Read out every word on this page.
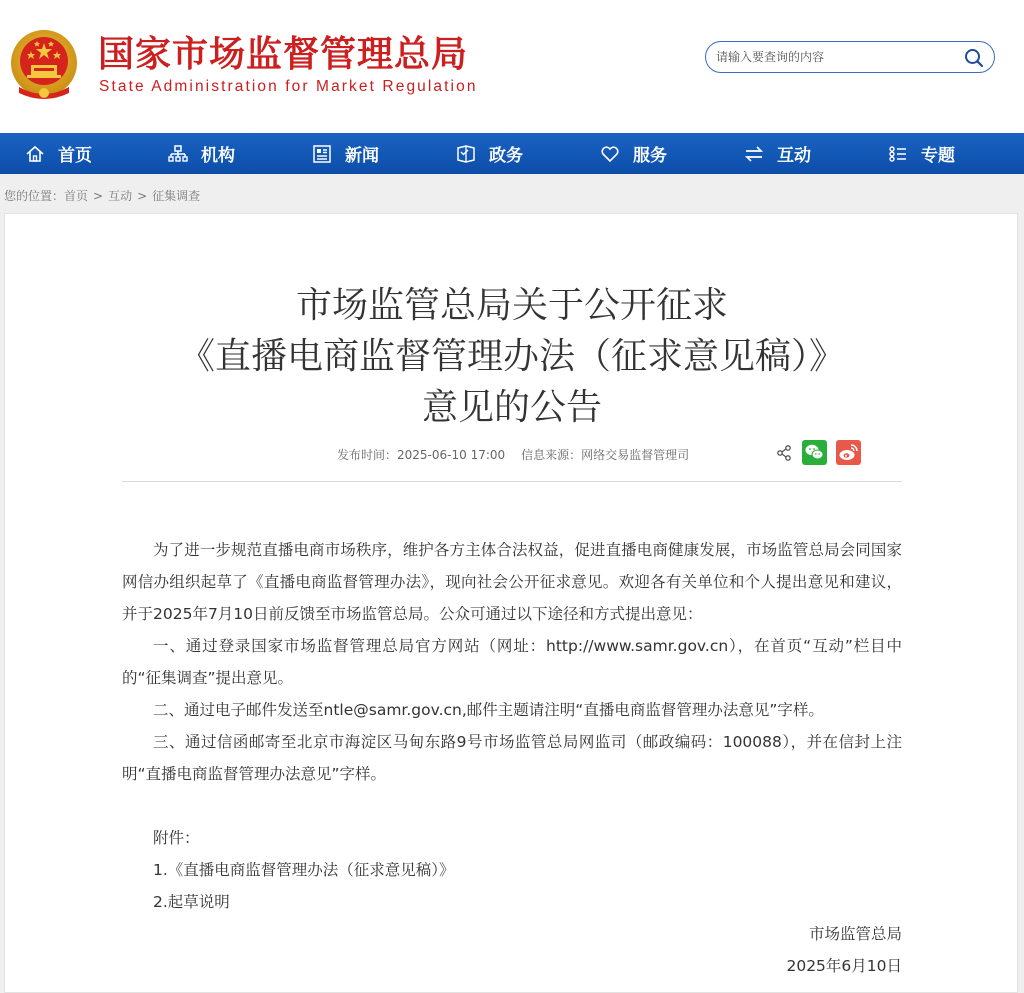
国家市场监督管理总局
State Administration for Market Regulation
请输入要查询的内容
首页	机构	新闻	政务	服务	互动	专题
您的位置：首页 > 互动 > 征集调查
市场监管总局关于公开征求
《直播电商监督管理办法（征求意见稿）》
意见的公告
发布时间：2025-06-10 17:00 信息来源：网络交易监督管理司

为了进一步规范直播电商市场秩序，维护各方主体合法权益，促进直播电商健康发展，市场监管总局会同国家网信办组织起草了《直播电商监督管理办法》，现向社会公开征求意见。欢迎各有关单位和个人提出意见和建议，并于2025年7月10日前反馈至市场监管总局。公众可通过以下途径和方式提出意见：

一、通过登录国家市场监督管理总局官方网站（网址：http://www.samr.gov.cn），在首页“互动”栏目中的“征集调查”提出意见。

二、通过电子邮件发送至ntle@samr.gov.cn,邮件主题请注明“直播电商监督管理办法意见”字样。

三、通过信函邮寄至北京市海淀区马甸东路9号市场监管总局网监司（邮政编码：100088），并在信封上注明“直播电商监督管理办法意见”字样。

附件：

1.《直播电商监督管理办法（征求意见稿）》

2.起草说明

市场监管总局

2025年6月10日
